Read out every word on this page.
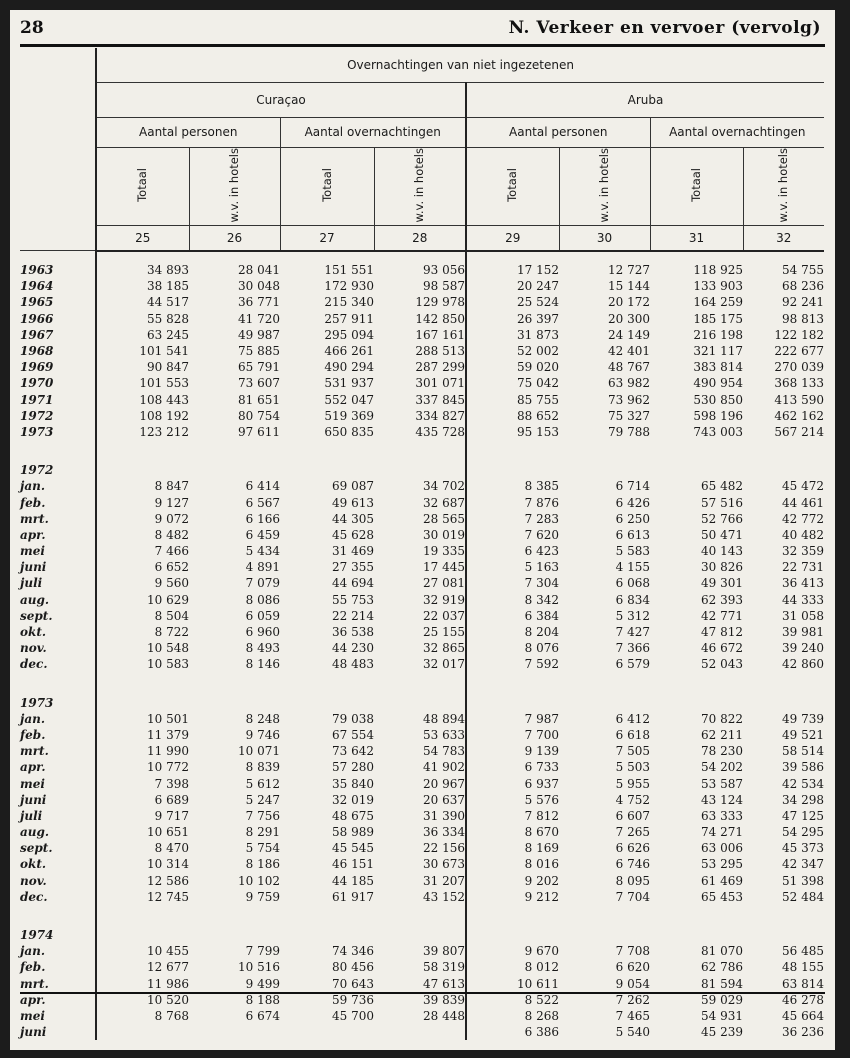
28	N. Verkeer en vervoer (vervolg)
	Overnachtingen van niet ingezetenen							
	Curaçao				Aruba			
	Aantal personen		Aantal overnachtingen		Aantal personen		Aantal overnachtingen	
	Totaal	w.v. in hotels	Totaal	w.v. in hotels	Totaal	w.v. in hotels	Totaal	w.v. in hotels
	25	26	27	28	29	30	31	32

1963	34 893	28 041	151 551	93 056	17 152	12 727	118 925	54 755
1964	38 185	30 048	172 930	98 587	20 247	15 144	133 903	68 236
1965	44 517	36 771	215 340	129 978	25 524	20 172	164 259	92 241
1966	55 828	41 720	257 911	142 850	26 397	20 300	185 175	98 813
1967	63 245	49 987	295 094	167 161	31 873	24 149	216 198	122 182
1968	101 541	75 885	466 261	288 513	52 002	42 401	321 117	222 677
1969	90 847	65 791	490 294	287 299	59 020	48 767	383 814	270 039
1970	101 553	73 607	531 937	301 071	75 042	63 982	490 954	368 133
1971	108 443	81 651	552 047	337 845	85 755	73 962	530 850	413 590
1972	108 192	80 754	519 369	334 827	88 652	75 327	598 196	462 162
1973	123 212	97 611	650 835	435 728	95 153	79 788	743 003	567 214

1972								
jan.	8 847	6 414	69 087	34 702	8 385	6 714	65 482	45 472
feb.	9 127	6 567	49 613	32 687	7 876	6 426	57 516	44 461
mrt.	9 072	6 166	44 305	28 565	7 283	6 250	52 766	42 772
apr.	8 482	6 459	45 628	30 019	7 620	6 613	50 471	40 482
mei	7 466	5 434	31 469	19 335	6 423	5 583	40 143	32 359
juni	6 652	4 891	27 355	17 445	5 163	4 155	30 826	22 731
juli	9 560	7 079	44 694	27 081	7 304	6 068	49 301	36 413
aug.	10 629	8 086	55 753	32 919	8 342	6 834	62 393	44 333
sept.	8 504	6 059	22 214	22 037	6 384	5 312	42 771	31 058
okt.	8 722	6 960	36 538	25 155	8 204	7 427	47 812	39 981
nov.	10 548	8 493	44 230	32 865	8 076	7 366	46 672	39 240
dec.	10 583	8 146	48 483	32 017	7 592	6 579	52 043	42 860

1973								
jan.	10 501	8 248	79 038	48 894	7 987	6 412	70 822	49 739
feb.	11 379	9 746	67 554	53 633	7 700	6 618	62 211	49 521
mrt.	11 990	10 071	73 642	54 783	9 139	7 505	78 230	58 514
apr.	10 772	8 839	57 280	41 902	6 733	5 503	54 202	39 586
mei	7 398	5 612	35 840	20 967	6 937	5 955	53 587	42 534
juni	6 689	5 247	32 019	20 637	5 576	4 752	43 124	34 298
juli	9 717	7 756	48 675	31 390	7 812	6 607	63 333	47 125
aug.	10 651	8 291	58 989	36 334	8 670	7 265	74 271	54 295
sept.	8 470	5 754	45 545	22 156	8 169	6 626	63 006	45 373
okt.	10 314	8 186	46 151	30 673	8 016	6 746	53 295	42 347
nov.	12 586	10 102	44 185	31 207	9 202	8 095	61 469	51 398
dec.	12 745	9 759	61 917	43 152	9 212	7 704	65 453	52 484

1974								
jan.	10 455	7 799	74 346	39 807	9 670	7 708	81 070	56 485
feb.	12 677	10 516	80 456	58 319	8 012	6 620	62 786	48 155
mrt.	11 986	9 499	70 643	47 613	10 611	9 054	81 594	63 814
apr.	10 520	8 188	59 736	39 839	8 522	7 262	59 029	46 278
mei	8 768	6 674	45 700	28 448	8 268	7 465	54 931	45 664
juni					6 386	5 540	45 239	36 236
